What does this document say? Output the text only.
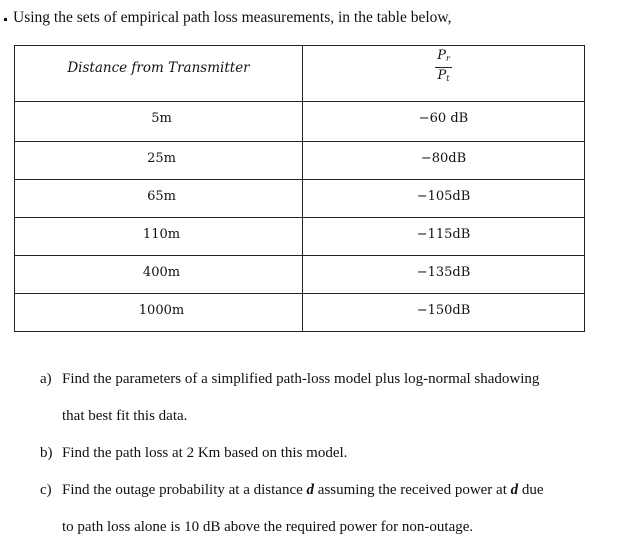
Using the sets of empirical path loss measurements, in the table below,
Distance from Transmitter	$\frac{P_r}{P_t}$

5m	−60 dB
25m	−80dB
65m	−105dB
110m	−115dB
400m	−135dB
1000m	−150dB
a) Find the parameters of a simplified path-loss model plus log-normal shadowing
that best fit this data.
b) Find the path loss at 2 Km based on this model.
c) Find the outage probability at a distance d assuming the received power at d due
to path loss alone is 10 dB above the required power for non-outage.
